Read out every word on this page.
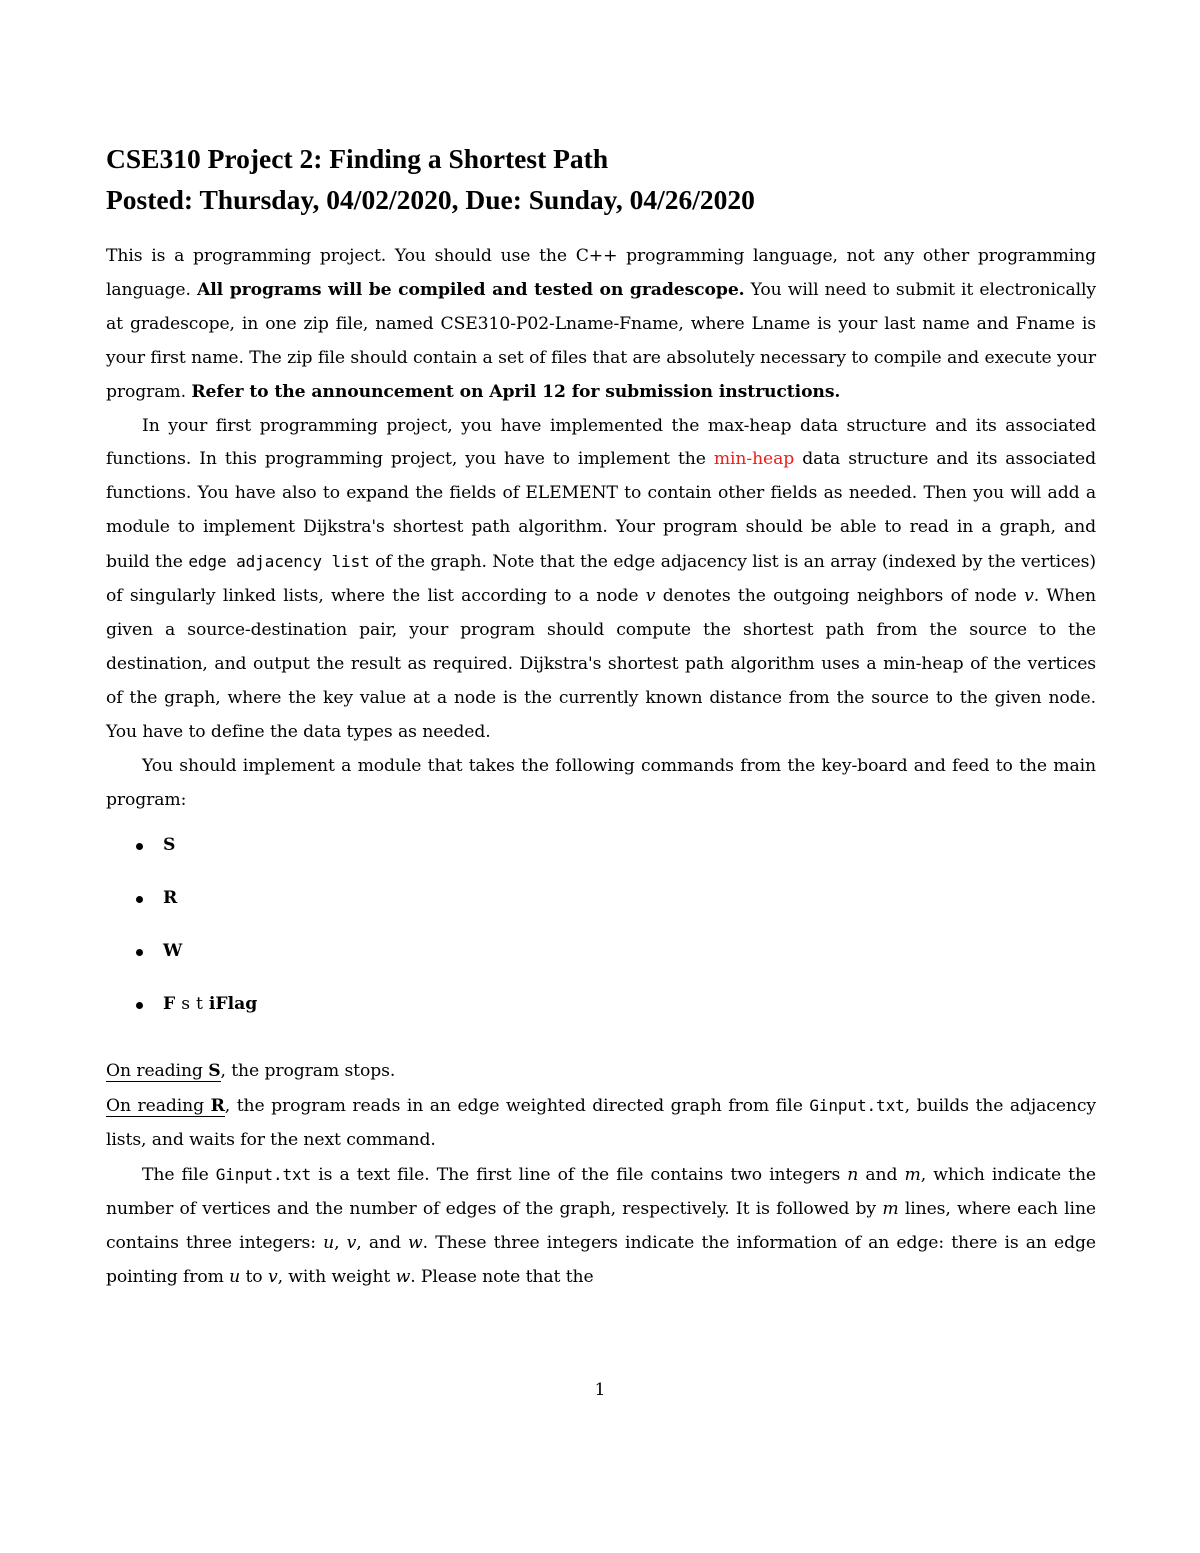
CSE310 Project 2: Finding a Shortest Path
Posted: Thursday, 04/02/2020, Due: Sunday, 04/26/2020

This is a programming project. You should use the C++ programming language, not any other programming language. All programs will be compiled and tested on gradescope. You will need to submit it electronically at gradescope, in one zip file, named CSE310-P02-Lname-Fname, where Lname is your last name and Fname is your first name. The zip file should contain a set of files that are absolutely necessary to compile and execute your program. Refer to the announcement on April 12 for submission instructions.

In your first programming project, you have implemented the max-heap data structure and its associated functions. In this programming project, you have to implement the min-heap data structure and its associated functions. You have also to expand the fields of ELEMENT to contain other fields as needed. Then you will add a module to implement Dijkstra's shortest path algorithm. Your program should be able to read in a graph, and build the edge adjacency list of the graph. Note that the edge adjacency list is an array (indexed by the vertices) of singularly linked lists, where the list according to a node v denotes the outgoing neighbors of node v. When given a source-destination pair, your program should compute the shortest path from the source to the destination, and output the result as required. Dijkstra's shortest path algorithm uses a min-heap of the vertices of the graph, where the key value at a node is the currently known distance from the source to the given node. You have to define the data types as needed.

You should implement a module that takes the following commands from the key-board and feed to the main program:

S
R
W
F s t iFlag

On reading S, the program stops.

On reading R, the program reads in an edge weighted directed graph from file Ginput.txt, builds the adjacency lists, and waits for the next command.

The file Ginput.txt is a text file. The first line of the file contains two integers n and m, which indicate the number of vertices and the number of edges of the graph, respectively. It is followed by m lines, where each line contains three integers: u, v, and w. These three integers indicate the information of an edge: there is an edge pointing from u to v, with weight w. Please note that the

1
